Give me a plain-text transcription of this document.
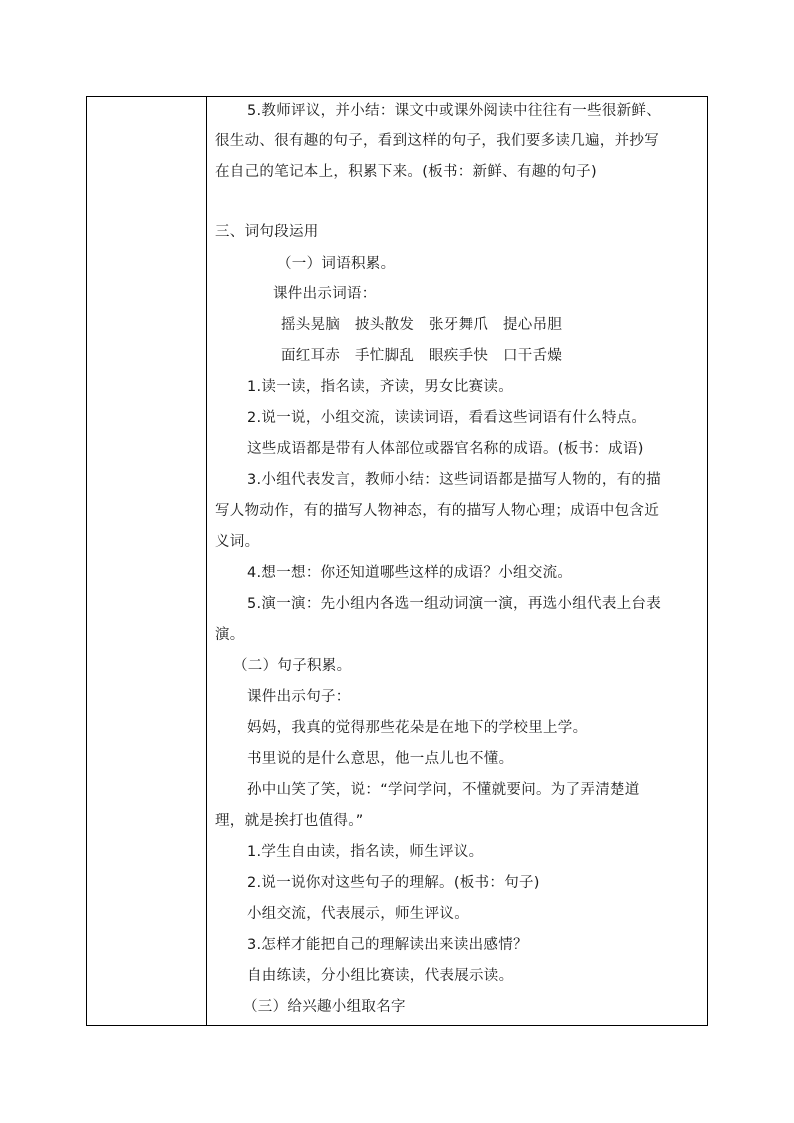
5.教师评议，并小结：课文中或课外阅读中往往有一些很新鲜、
很生动、很有趣的句子，看到这样的句子，我们要多读几遍，并抄写
在自己的笔记本上，积累下来。(板书：新鲜、有趣的句子)
三、词句段运用
（一）词语积累。
课件出示词语：
摇头晃脑　披头散发　张牙舞爪　提心吊胆
面红耳赤　手忙脚乱　眼疾手快　口干舌燥
1.读一读，指名读，齐读，男女比赛读。
2.说一说，小组交流，读读词语，看看这些词语有什么特点。
这些成语都是带有人体部位或器官名称的成语。(板书：成语)
3.小组代表发言，教师小结：这些词语都是描写人物的，有的描
写人物动作，有的描写人物神态，有的描写人物心理；成语中包含近
义词。
4.想一想：你还知道哪些这样的成语？小组交流。
5.演一演：先小组内各选一组动词演一演，再选小组代表上台表
演。
（二）句子积累。
课件出示句子：
妈妈，我真的觉得那些花朵是在地下的学校里上学。
书里说的是什么意思，他一点儿也不懂。
孙中山笑了笑，说：“学问学问，不懂就要问。为了弄清楚道
理，就是挨打也值得。”
1.学生自由读，指名读，师生评议。
2.说一说你对这些句子的理解。(板书：句子)
小组交流，代表展示，师生评议。
3.怎样才能把自己的理解读出来读出感情？
自由练读，分小组比赛读，代表展示读。
（三）给兴趣小组取名字
